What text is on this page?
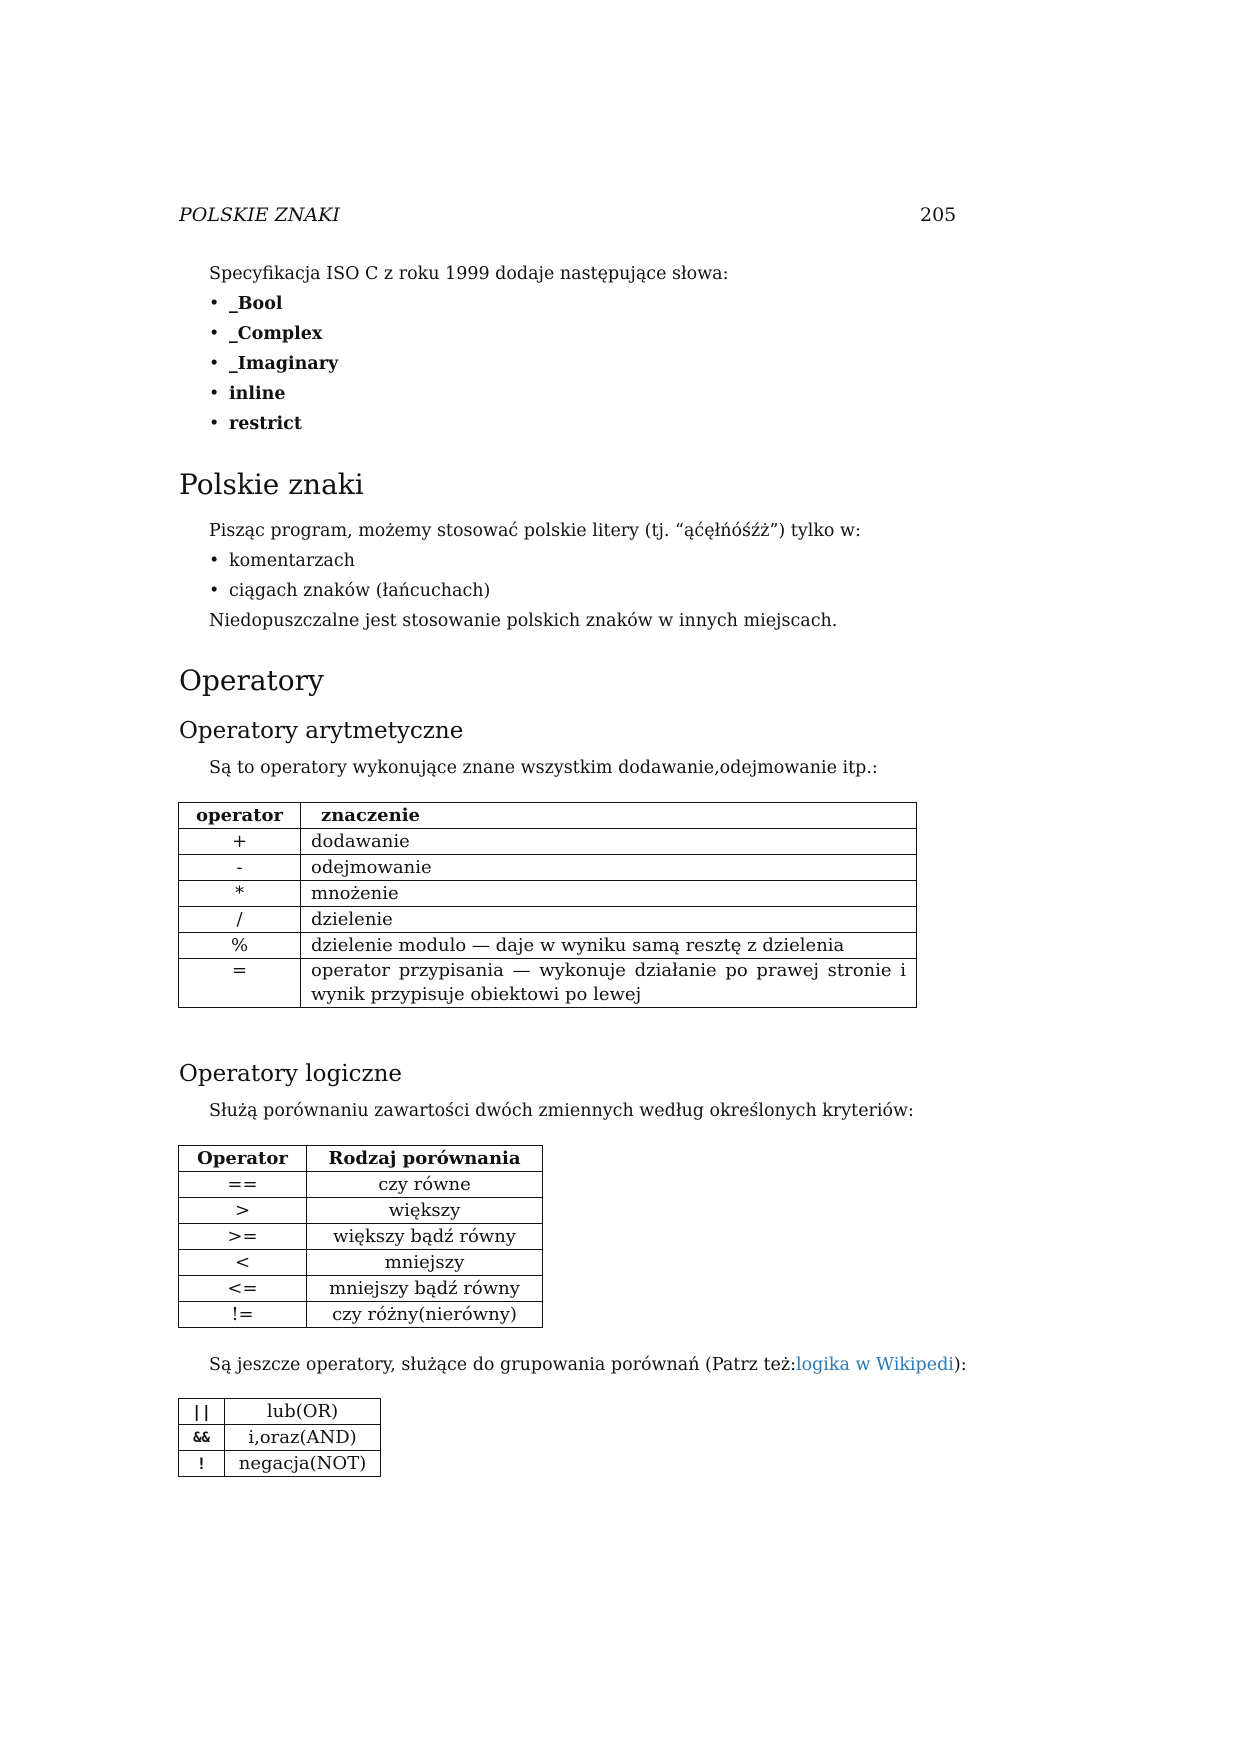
POLSKIE ZNAKI	205
Specyfikacja ISO C z roku 1999 dodaje następujące słowa:
• _Bool
• _Complex
• _Imaginary
• inline
• restrict
Polskie znaki
Pisząc program, możemy stosować polskie litery (tj. “ąćęłńóśźż”) tylko w:
• komentarzach
• ciągach znaków (łańcuchach)
Niedopuszczalne jest stosowanie polskich znaków w innych miejscach.
Operatory
Operatory arytmetyczne
Są to operatory wykonujące znane wszystkim dodawanie,odejmowanie itp.:
operator	znaczenie
+	dodawanie
-	odejmowanie
*	mnożenie
/	dzielenie
%	dzielenie modulo — daje w wyniku samą resztę z dzielenia
=	operator przypisania — wykonuje działanie po prawej stronie i wynik przypisuje obiektowi po lewej
Operatory logiczne
Służą porównaniu zawartości dwóch zmiennych według określonych kryteriów:
Operator	Rodzaj porównania
==	czy równe
>	większy
>=	większy bądź równy
<	mniejszy
<=	mniejszy bądź równy
!=	czy różny(nierówny)
Są jeszcze operatory, służące do grupowania porównań (Patrz też:logika w Wikipedi):
||	lub(OR)
&&	i,oraz(AND)
!	negacja(NOT)
